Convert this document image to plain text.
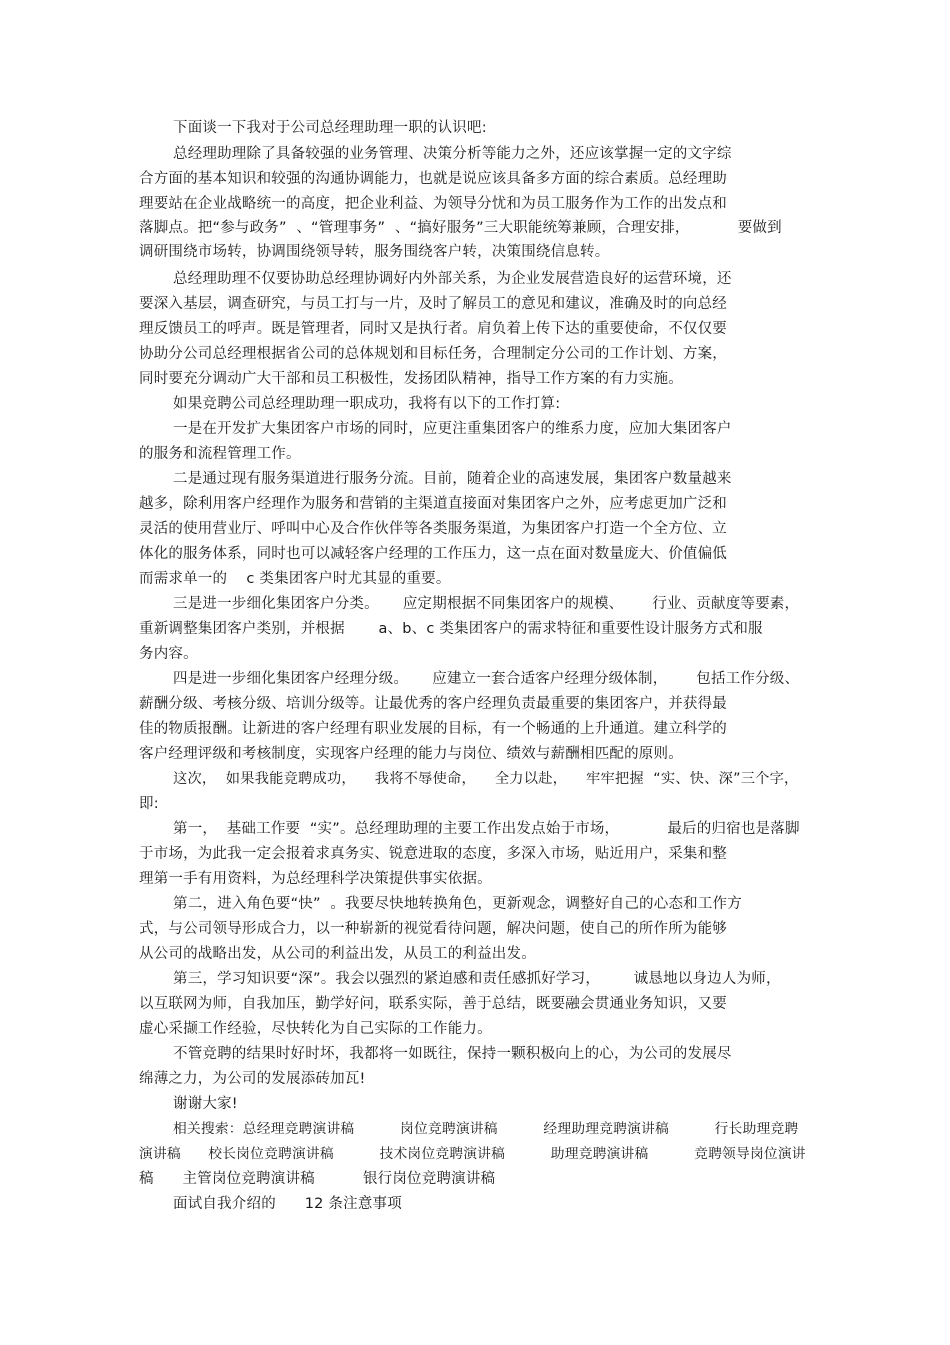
下面谈一下我对于公司总经理助理一职的认识吧:
总经理助理除了具备较强的业务管理、决策分析等能力之外，还应该掌握一定的文字综
合方面的基本知识和较强的沟通协调能力，也就是说应该具备多方面的综合素质。总经理助
理要站在企业战略统一的高度，把企业利益、为领导分忧和为员工服务作为工作的出发点和
落脚点。把“参与政务”  、“管理事务”  、“搞好服务”三大职能统筹兼顾，合理安排，          要做到
调研围绕市场转，协调围绕领导转，服务围绕客户转，决策围绕信息转。
总经理助理不仅要协助总经理协调好内外部关系，为企业发展营造良好的运营环境，还
要深入基层，调查研究，与员工打与一片，及时了解员工的意见和建议，准确及时的向总经
理反馈员工的呼声。既是管理者，同时又是执行者。肩负着上传下达的重要使命，不仅仅要
协助分公司总经理根据省公司的总体规划和目标任务，合理制定分公司的工作计划、方案，
同时要充分调动广大干部和员工积极性，发扬团队精神，指导工作方案的有力实施。
如果竞聘公司总经理助理一职成功，我将有以下的工作打算:
一是在开发扩大集团客户市场的同时，应更注重集团客户的维系力度，应加大集团客户
的服务和流程管理工作。
二是通过现有服务渠道进行服务分流。目前，随着企业的高速发展，集团客户数量越来
越多，除利用客户经理作为服务和营销的主渠道直接面对集团客户之外，应考虑更加广泛和
灵活的使用营业厅、呼叫中心及合作伙伴等各类服务渠道，为集团客户打造一个全方位、立
体化的服务体系，同时也可以减轻客户经理的工作压力，这一点在面对数量庞大、价值偏低
而需求单一的    c 类集团客户时尤其显的重要。
三是进一步细化集团客户分类。     应定期根据不同集团客户的规模、      行业、贡献度等要素，
重新调整集团客户类别，并根据       a、b、c 类集团客户的需求特征和重要性设计服务方式和服
务内容。
四是进一步细化集团客户经理分级。     应建立一套合适客户经理分级体制，      包括工作分级、
薪酬分级、考核分级、培训分级等。让最优秀的客户经理负责最重要的集团客户，并获得最
佳的物质报酬。让新进的客户经理有职业发展的目标，有一个畅通的上升通道。建立科学的
客户经理评级和考核制度，实现客户经理的能力与岗位、绩效与薪酬相匹配的原则。
这次，  如果我能竞聘成功，    我将不辱使命，    全力以赴，    牢牢把握  “实、快、深”三个字，
即:
第一，  基础工作要  “实”。总经理助理的主要工作出发点始于市场，          最后的归宿也是落脚
于市场，为此我一定会报着求真务实、锐意进取的态度，多深入市场，贴近用户，采集和整
理第一手有用资料，为总经理科学决策提供事实依据。
第二，进入角色要“快”  。我要尽快地转换角色，更新观念，调整好自己的心态和工作方
式，与公司领导形成合力，以一种崭新的视觉看待问题，解决问题，使自己的所作所为能够
从公司的战略出发，从公司的利益出发，从员工的利益出发。
第三，学习知识要“深”。我会以强烈的紧迫感和责任感抓好学习，       诚恳地以身边人为师，
以互联网为师，自我加压，勤学好问，联系实际，善于总结，既要融会贯通业务知识，又要
虚心采撷工作经验，尽快转化为自己实际的工作能力。
不管竞聘的结果时好时坏，我都将一如既往，保持一颗积极向上的心，为公司的发展尽
绵薄之力，为公司的发展添砖加瓦!
谢谢大家!
相关搜索：总经理竞聘演讲稿          岗位竞聘演讲稿          经理助理竞聘演讲稿          行长助理竞聘
演讲稿      校长岗位竞聘演讲稿          技术岗位竞聘演讲稿          助理竞聘演讲稿          竞聘领导岗位演讲
稿      主管岗位竞聘演讲稿          银行岗位竞聘演讲稿
面试自我介绍的      12 条注意事项
